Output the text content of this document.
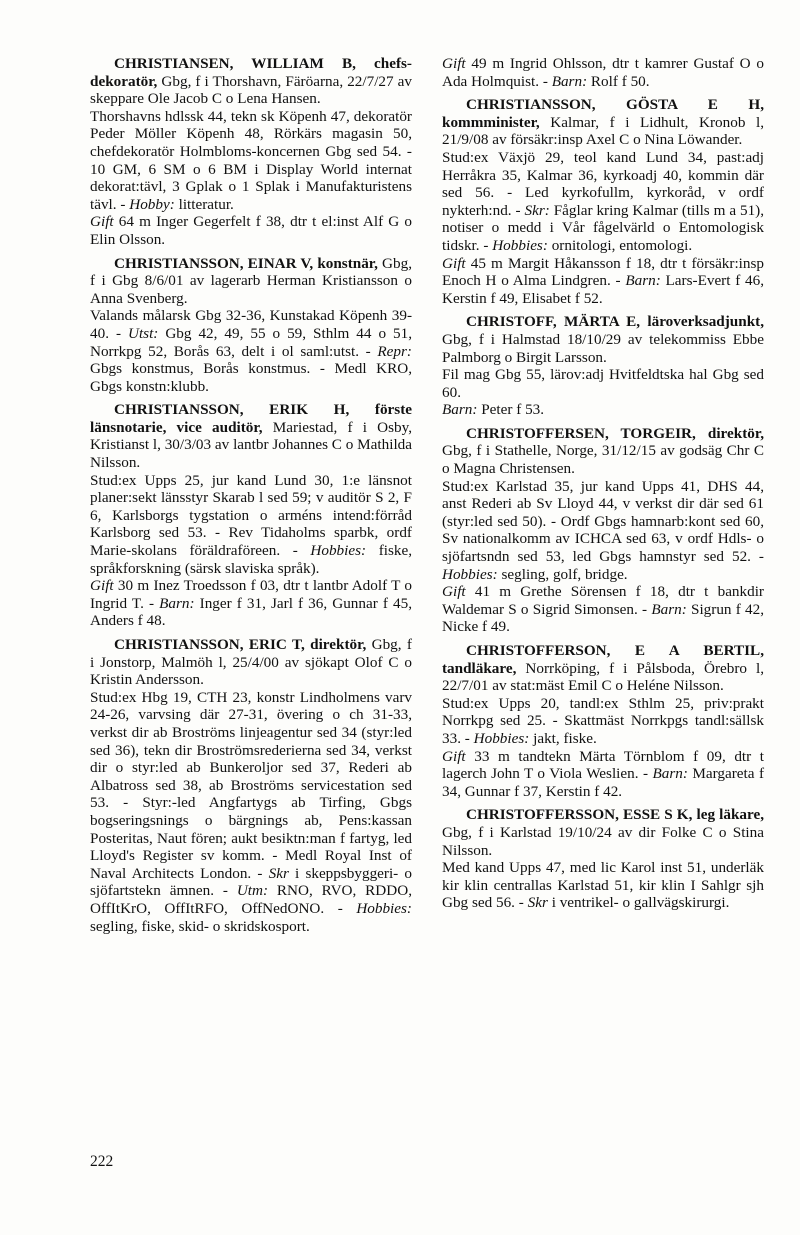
CHRISTIANSEN, WILLIAM B, chefs-dekoratör, Gbg, f i Thorshavn, Färöarna, 22/7/27 av skeppare Ole Jacob C o Lena Hansen.

Thorshavns hdlssk 44, tekn sk Köpenh 47, dekoratör Peder Möller Köpenh 48, Rörkärs magasin 50, chefdekoratör Holmbloms-koncernen Gbg sed 54. - 10 GM, 6 SM o 6 BM i Display World internat dekorat:tävl, 3 Gplak o 1 Splak i Manufakturistens tävl. - Hobby: litteratur.

Gift 64 m Inger Gegerfelt f 38, dtr t el:inst Alf G o Elin Olsson.

CHRISTIANSSON, EINAR V, konstnär, Gbg, f i Gbg 8/6/01 av lagerarb Herman Kristiansson o Anna Svenberg.

Valands målarsk Gbg 32-36, Kunstakad Köpenh 39-40. - Utst: Gbg 42, 49, 55 o 59, Sthlm 44 o 51, Norrkpg 52, Borås 63, delt i ol saml:utst. - Repr: Gbgs konstmus, Borås konstmus. - Medl KRO, Gbgs konstn:klubb.

CHRISTIANSSON, ERIK H, förste länsnotarie, vice auditör, Mariestad, f i Osby, Kristianst l, 30/3/03 av lantbr Johannes C o Mathilda Nilsson.

Stud:ex Upps 25, jur kand Lund 30, 1:e länsnot planer:sekt länsstyr Skarab l sed 59; v auditör S 2, F 6, Karlsborgs tygstation o arméns intend:förråd Karlsborg sed 53. - Rev Tidaholms sparbk, ordf Marie-skolans föräldraföreen. - Hobbies: fiske, språkforskning (särsk slaviska språk).

Gift 30 m Inez Troedsson f 03, dtr t lantbr Adolf T o Ingrid T. - Barn: Inger f 31, Jarl f 36, Gunnar f 45, Anders f 48.

CHRISTIANSSON, ERIC T, direktör, Gbg, f i Jonstorp, Malmöh l, 25/4/00 av sjökapt Olof C o Kristin Andersson.

Stud:ex Hbg 19, CTH 23, konstr Lindholmens varv 24-26, varvsing där 27-31, övering o ch 31-33, verkst dir ab Broströms linjeagentur sed 34 (styr:led sed 36), tekn dir Broströmsrederierna sed 34, verkst dir o styr:led ab Bunkeroljor sed 37, Rederi ab Albatross sed 38, ab Broströms servicestation sed 53. - Styr:-led Angfartygs ab Tirfing, Gbgs bogseringsnings o bärgnings ab, Pens:kassan Posteritas, Naut fören; aukt besiktn:man f fartyg, led Lloyd's Register sv komm. - Medl Royal Inst of Naval Architects London. - Skr i skeppsbyggeri- o sjöfartstekn ämnen. - Utm: RNO, RVO, RDDO, OffItKrO, OffItRFO, OffNedONO. - Hobbies: segling, fiske, skid- o skridskosport.

Gift 49 m Ingrid Ohlsson, dtr t kamrer Gustaf O o Ada Holmquist. - Barn: Rolf f 50.

CHRISTIANSSON, GÖSTA E H, kommminister, Kalmar, f i Lidhult, Kronob l, 21/9/08 av försäkr:insp Axel C o Nina Löwander.

Stud:ex Växjö 29, teol kand Lund 34, past:adj Herråkra 35, Kalmar 36, kyrkoadj 40, kommin där sed 56. - Led kyrkofullm, kyrkoråd, v ordf nykterh:nd. - Skr: Fåglar kring Kalmar (tills m a 51), notiser o medd i Vår fågelvärld o Entomologisk tidskr. - Hobbies: ornitologi, entomologi.

Gift 45 m Margit Håkansson f 18, dtr t försäkr:insp Enoch H o Alma Lindgren. - Barn: Lars-Evert f 46, Kerstin f 49, Elisabet f 52.

CHRISTOFF, MÄRTA E, läroverksadjunkt, Gbg, f i Halmstad 18/10/29 av telekommiss Ebbe Palmborg o Birgit Larsson.

Fil mag Gbg 55, lärov:adj Hvitfeldtska hal Gbg sed 60.

Barn: Peter f 53.

CHRISTOFFERSEN, TORGEIR, direktör, Gbg, f i Stathelle, Norge, 31/12/15 av godsäg Chr C o Magna Christensen.

Stud:ex Karlstad 35, jur kand Upps 41, DHS 44, anst Rederi ab Sv Lloyd 44, v verkst dir där sed 61 (styr:led sed 50). - Ordf Gbgs hamnarb:kont sed 60, Sv nationalkomm av ICHCA sed 63, v ordf Hdls- o sjöfartsndn sed 53, led Gbgs hamnstyr sed 52. - Hobbies: segling, golf, bridge.

Gift 41 m Grethe Sörensen f 18, dtr t bankdir Waldemar S o Sigrid Simonsen. - Barn: Sigrun f 42, Nicke f 49.

CHRISTOFFERSON, E A BERTIL, tandläkare, Norrköping, f i Pålsboda, Örebro l, 22/7/01 av stat:mäst Emil C o Heléne Nilsson.

Stud:ex Upps 20, tandl:ex Sthlm 25, priv:prakt Norrkpg sed 25. - Skattmäst Norrkpgs tandl:sällsk 33. - Hobbies: jakt, fiske.

Gift 33 m tandtekn Märta Törnblom f 09, dtr t lagerch John T o Viola Weslien. - Barn: Margareta f 34, Gunnar f 37, Kerstin f 42.

CHRISTOFFERSSON, ESSE S K, leg läkare, Gbg, f i Karlstad 19/10/24 av dir Folke C o Stina Nilsson.

Med kand Upps 47, med lic Karol inst 51, underläk kir klin centrallas Karlstad 51, kir klin I Sahlgr sjh Gbg sed 56. - Skr i ventrikel- o gallvägskirurgi.

222
